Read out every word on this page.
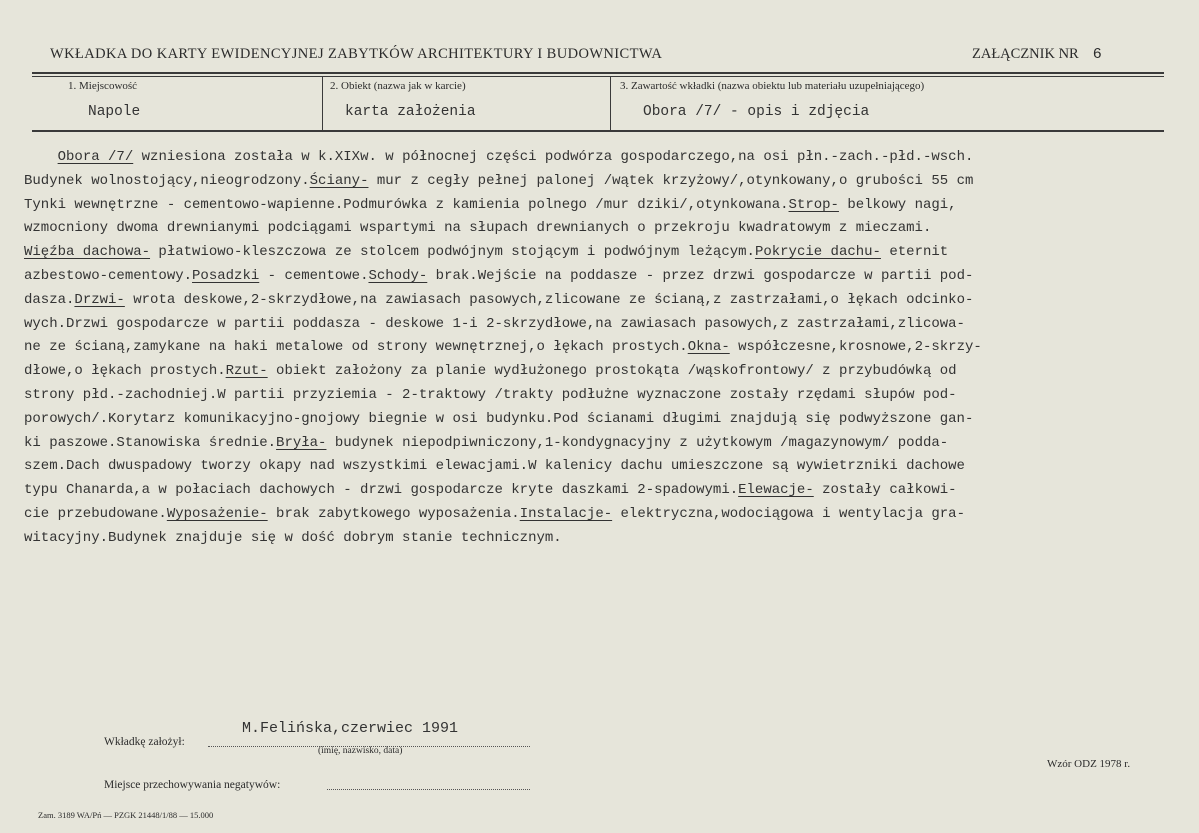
WKŁADKA DO KARTY EWIDENCYJNEJ ZABYTKÓW ARCHITEKTURY I BUDOWNICTWA	ZAŁĄCZNIK NR 6
1. Miejscowość
Napole
2. Obiekt (nazwa jak w karcie)
karta założenia
3. Zawartość wkładki (nazwa obiektu lub materiału uzupełniającego)
Obora /7/ - opis i zdjęcia
Obora /7/ wzniesiona została w k.XIXw. w północnej części podwórza gospodarczego,na osi płn.-zach.-płd.-wsch.
Budynek wolnostojący,nieogrodzony.Ściany- mur z cegły pełnej palonej /wątek krzyżowy/,otynkowany,o grubości 55 cm
Tynki wewnętrzne - cementowo-wapienne.Podmurówka z kamienia polnego /mur dziki/,otynkowana.Strop- belkowy nagi,
wzmocniony dwoma drewnianymi podciągami wspartymi na słupach drewnianych o przekroju kwadratowym z mieczami.
Więźba dachowa- płatwiowo-kleszczowa ze stolcem podwójnym stojącym i podwójnym leżącym.Pokrycie dachu- eternit
azbestowo-cementowy.Posadzki - cementowe.Schody- brak.Wejście na poddasze - przez drzwi gospodarcze w partii pod-
dasza.Drzwi- wrota deskowe,2-skrzydłowe,na zawiasach pasowych,zlicowane ze ścianą,z zastrzałami,o łękach odcinko-
wych.Drzwi gospodarcze w partii poddasza - deskowe 1-i 2-skrzydłowe,na zawiasach pasowych,z zastrzałami,zlicowa-
ne ze ścianą,zamykane na haki metalowe od strony wewnętrznej,o łękach prostych.Okna- współczesne,krosnowe,2-skrzy-
dłowe,o łękach prostych.Rzut- obiekt założony za planie wydłużonego prostokąta /wąskofrontowy/ z przybudówką od
strony płd.-zachodniej.W partii przyziemia - 2-traktowy /trakty podłużne wyznaczone zostały rzędami słupów pod-
porowych/.Korytarz komunikacyjno-gnojowy biegnie w osi budynku.Pod ścianami długimi znajdują się podwyższone gan-
ki paszowe.Stanowiska średnie.Bryła- budynek niepodpiwniczony,1-kondygnacyjny z użytkowym /magazynowym/ podda-
szem.Dach dwuspadowy tworzy okapy nad wszystkimi elewacjami.W kalenicy dachu umieszczone są wywietrzniki dachowe
typu Chanarda,a w połaciach dachowych - drzwi gospodarcze kryte daszkami 2-spadowymi.Elewacje- zostały całkowi-
cie przebudowane.Wyposażenie- brak zabytkowego wyposażenia.Instalacje- elektryczna,wodociągowa i wentylacja gra-
witacyjny.Budynek znajduje się w dość dobrym stanie technicznym.
Wkładkę założył:
M.Felińska,czerwiec 1991
(imię, nazwisko, data)
Miejsce przechowywania negatywów:
Wzór ODZ 1978 r.
Zam. 3189 WA/Pń — PZGK 21448/1/88 — 15.000
